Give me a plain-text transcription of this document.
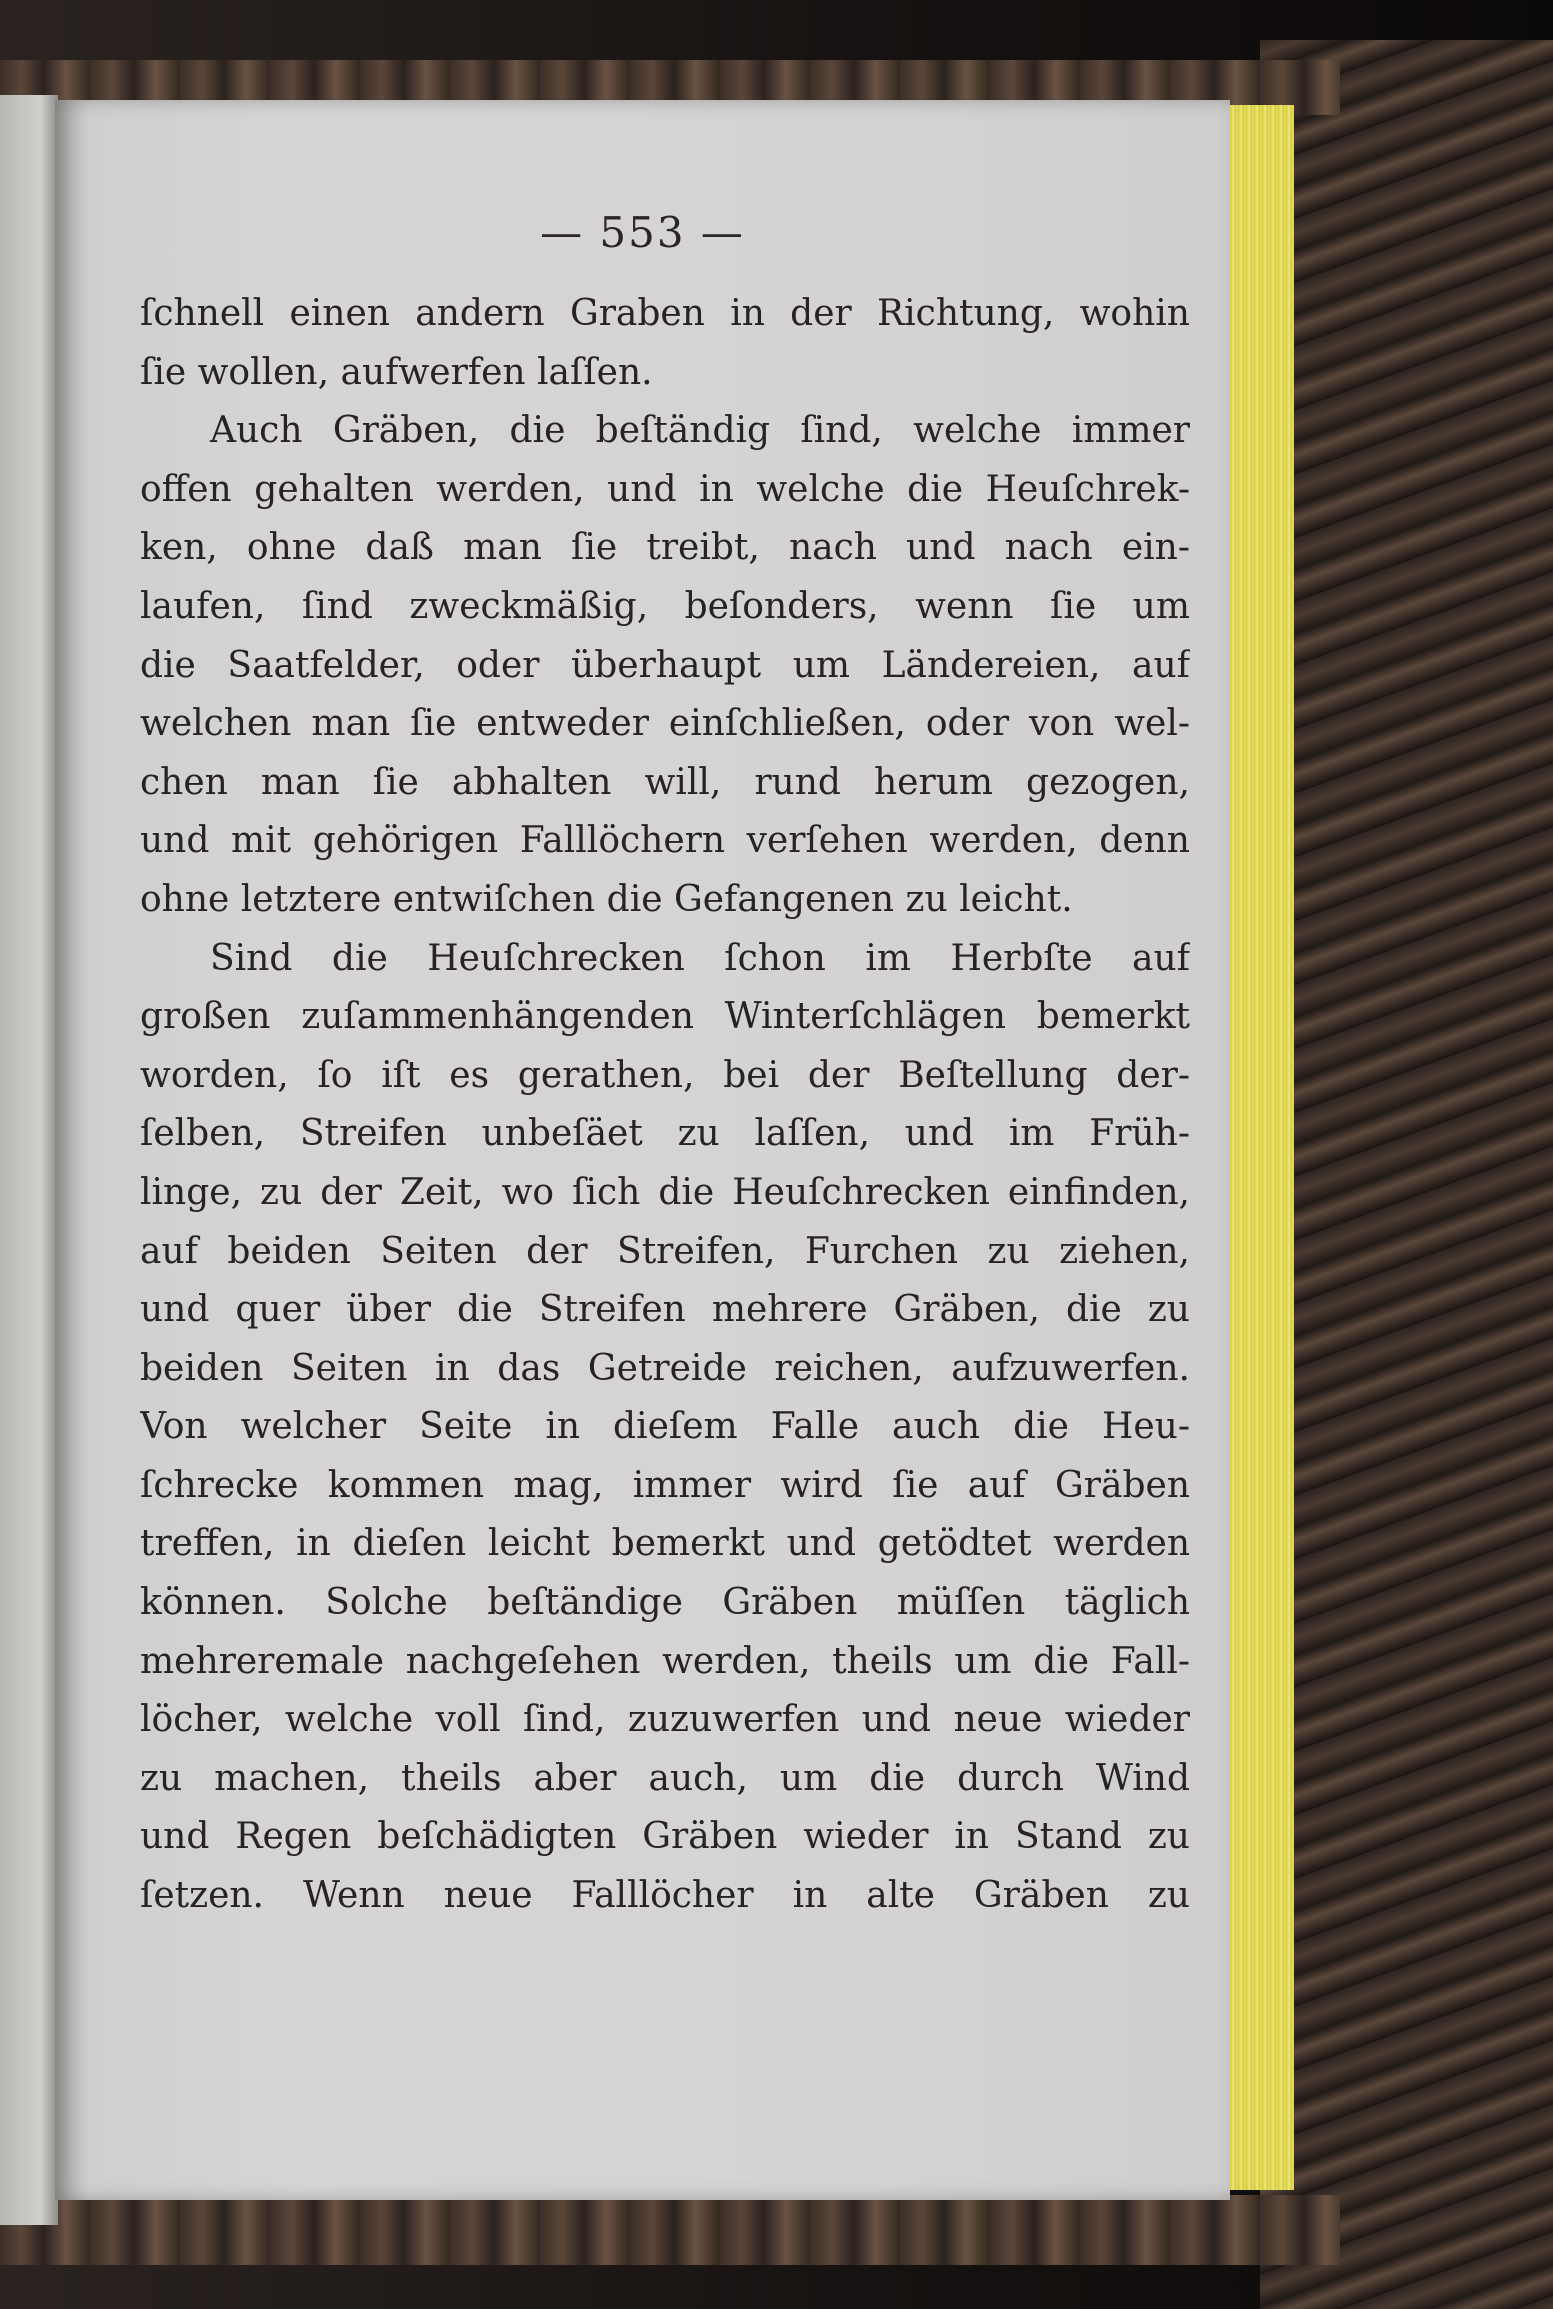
— 553 —
ſchnell einen andern Graben in der Richtung, wohin
ſie wollen, aufwerfen laſſen.
Auch Gräben, die beſtändig ſind, welche immer
offen gehalten werden, und in welche die Heuſchrek-
ken, ohne daß man ſie treibt, nach und nach ein-
laufen, ſind zweckmäßig, beſonders, wenn ſie um
die Saatfelder, oder überhaupt um Ländereien, auf
welchen man ſie entweder einſchließen, oder von wel-
chen man ſie abhalten will, rund herum gezogen,
und mit gehörigen Falllöchern verſehen werden, denn
ohne letztere entwiſchen die Gefangenen zu leicht.
Sind die Heuſchrecken ſchon im Herbſte auf
großen zuſammenhängenden Winterſchlägen bemerkt
worden, ſo iſt es gerathen, bei der Beſtellung der-
ſelben, Streifen unbeſäet zu laſſen, und im Früh-
linge, zu der Zeit, wo ſich die Heuſchrecken einfinden,
auf beiden Seiten der Streifen, Furchen zu ziehen,
und quer über die Streifen mehrere Gräben, die zu
beiden Seiten in das Getreide reichen, aufzuwerfen.
Von welcher Seite in dieſem Falle auch die Heu-
ſchrecke kommen mag, immer wird ſie auf Gräben
treffen, in dieſen leicht bemerkt und getödtet werden
können. Solche beſtändige Gräben müſſen täglich
mehreremale nachgeſehen werden, theils um die Fall-
löcher, welche voll ſind, zuzuwerfen und neue wieder
zu machen, theils aber auch, um die durch Wind
und Regen beſchädigten Gräben wieder in Stand zu
ſetzen. Wenn neue Falllöcher in alte Gräben zu
